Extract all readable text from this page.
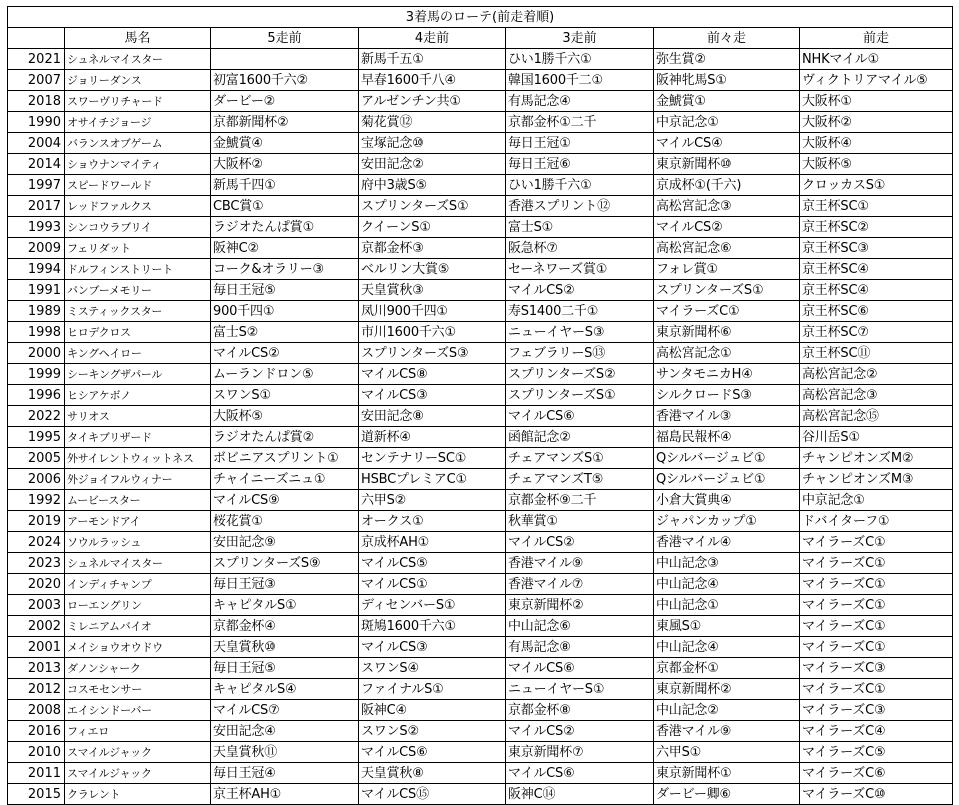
3着馬のローテ(前走着順)						
	馬名	5走前	4走前	3走前	前々走	前走
2021	シュネルマイスター		新馬千五①	ひい1勝千六①	弥生賞②	NHKマイル①
2007	ジョリーダンス	初富1600千六②	早春1600千八④	韓国1600千二①	阪神牝馬S①	ヴィクトリアマイル⑤
2018	スワーヴリチャード	ダービー②	アルゼンチン共①	有馬記念④	金鯱賞①	大阪杯①
1990	オサイチジョージ	京都新聞杯②	菊花賞⑫	京都金杯①二千	中京記念①	大阪杯②
2004	バランスオブゲーム	金鯱賞④	宝塚記念⑩	毎日王冠①	マイルCS④	大阪杯④
2014	ショウナンマイティ	大阪杯②	安田記念②	毎日王冠⑥	東京新聞杯⑩	大阪杯⑤
1997	スピードワールド	新馬千四①	府中3歳S⑤	ひい1勝千六①	京成杯①(千六)	クロッカスS①
2017	レッドファルクス	CBC賞①	スプリンターズS①	香港スプリント⑫	高松宮記念③	京王杯SC①
1993	シンコウラブリイ	ラジオたんぱ賞①	クイーンS①	富士S①	マイルCS②	京王杯SC②
2009	フェリダット	阪神C②	京都金杯③	阪急杯⑦	高松宮記念⑥	京王杯SC③
1994	ドルフィンストリート	コーク&オラリー③	ベルリン大賞⑤	セーネワーズ賞①	フォレ賞①	京王杯SC④
1991	バンブーメモリー	毎日王冠⑤	天皇賞秋③	マイルCS②	スプリンターズS①	京王杯SC④
1989	ミスティックスター	900千四①	凤川900千四①	寿S1400二千①	マイラーズC①	京王杯SC⑥
1998	ヒロデクロス	富士S②	市川1600千六①	ニューイヤーS③	東京新聞杯⑥	京王杯SC⑦
2000	キングヘイロー	マイルCS②	スプリンターズS③	フェブラリーS⑬	高松宮記念①	京王杯SC⑪
1999	シーキングザパール	ムーランドロン⑤	マイルCS⑧	スプリンターズS②	サンタモニカH④	高松宮記念②
1996	ヒシアケボノ	スワンS①	マイルCS③	スプリンターズS①	シルクロードS③	高松宮記念③
2022	サリオス	大阪杯⑤	安田記念⑧	マイルCS⑥	香港マイル③	高松宮記念⑮
1995	タイキブリザード	ラジオたんぱ賞②	道新杯④	函館記念②	福島民報杯④	谷川岳S①
2005	外サイレントウィットネス	ボビニアスプリント①	センテナリーSC①	チェアマンズS①	Qシルバージュビ①	チャンピオンズM②
2006	外ジョイフルウィナー	チャイニーズニュ①	HSBCプレミアC①	チェアマンズT⑤	Qシルバージュビ①	チャンピオンズM③
1992	ムービースター	マイルCS⑨	六甲S②	京都金杯⑨二千	小倉大賞典④	中京記念①
2019	アーモンドアイ	桜花賞①	オークス①	秋華賞①	ジャパンカップ①	ドバイターフ①
2024	ソウルラッシュ	安田記念⑨	京成杯AH①	マイルCS②	香港マイル④	マイラーズC①
2023	シュネルマイスター	スプリンターズS⑨	マイルCS⑤	香港マイル⑨	中山記念③	マイラーズC①
2020	インディチャンプ	毎日王冠③	マイルCS①	香港マイル⑦	中山記念④	マイラーズC①
2003	ローエングリン	キャピタルS①	ディセンバーS①	東京新聞杯②	中山記念①	マイラーズC①
2002	ミレニアムバイオ	京都金杯④	斑鳩1600千六①	中山記念⑥	東風S①	マイラーズC①
2001	メイショウオウドウ	天皇賞秋⑩	マイルCS③	有馬記念⑧	中山記念④	マイラーズC①
2013	ダノンシャーク	毎日王冠⑤	スワンS④	マイルCS⑥	京都金杯①	マイラーズC③
2012	コスモセンサー	キャピタルS④	ファイナルS①	ニューイヤーS①	東京新聞杯②	マイラーズC①
2008	エイシンドーバー	マイルCS⑦	阪神C④	京都金杯⑧	中山記念②	マイラーズC③
2016	フィエロ	安田記念④	スワンS②	マイルCS②	香港マイル⑨	マイラーズC④
2010	スマイルジャック	天皇賞秋⑪	マイルCS⑥	東京新聞杯⑦	六甲S①	マイラーズC⑤
2011	スマイルジャック	毎日王冠④	天皇賞秋⑧	マイルCS⑥	東京新聞杯①	マイラーズC⑥
2015	クラレント	京王杯AH①	マイルCS⑮	阪神C⑭	ダービー卿⑥	マイラーズC⑩
